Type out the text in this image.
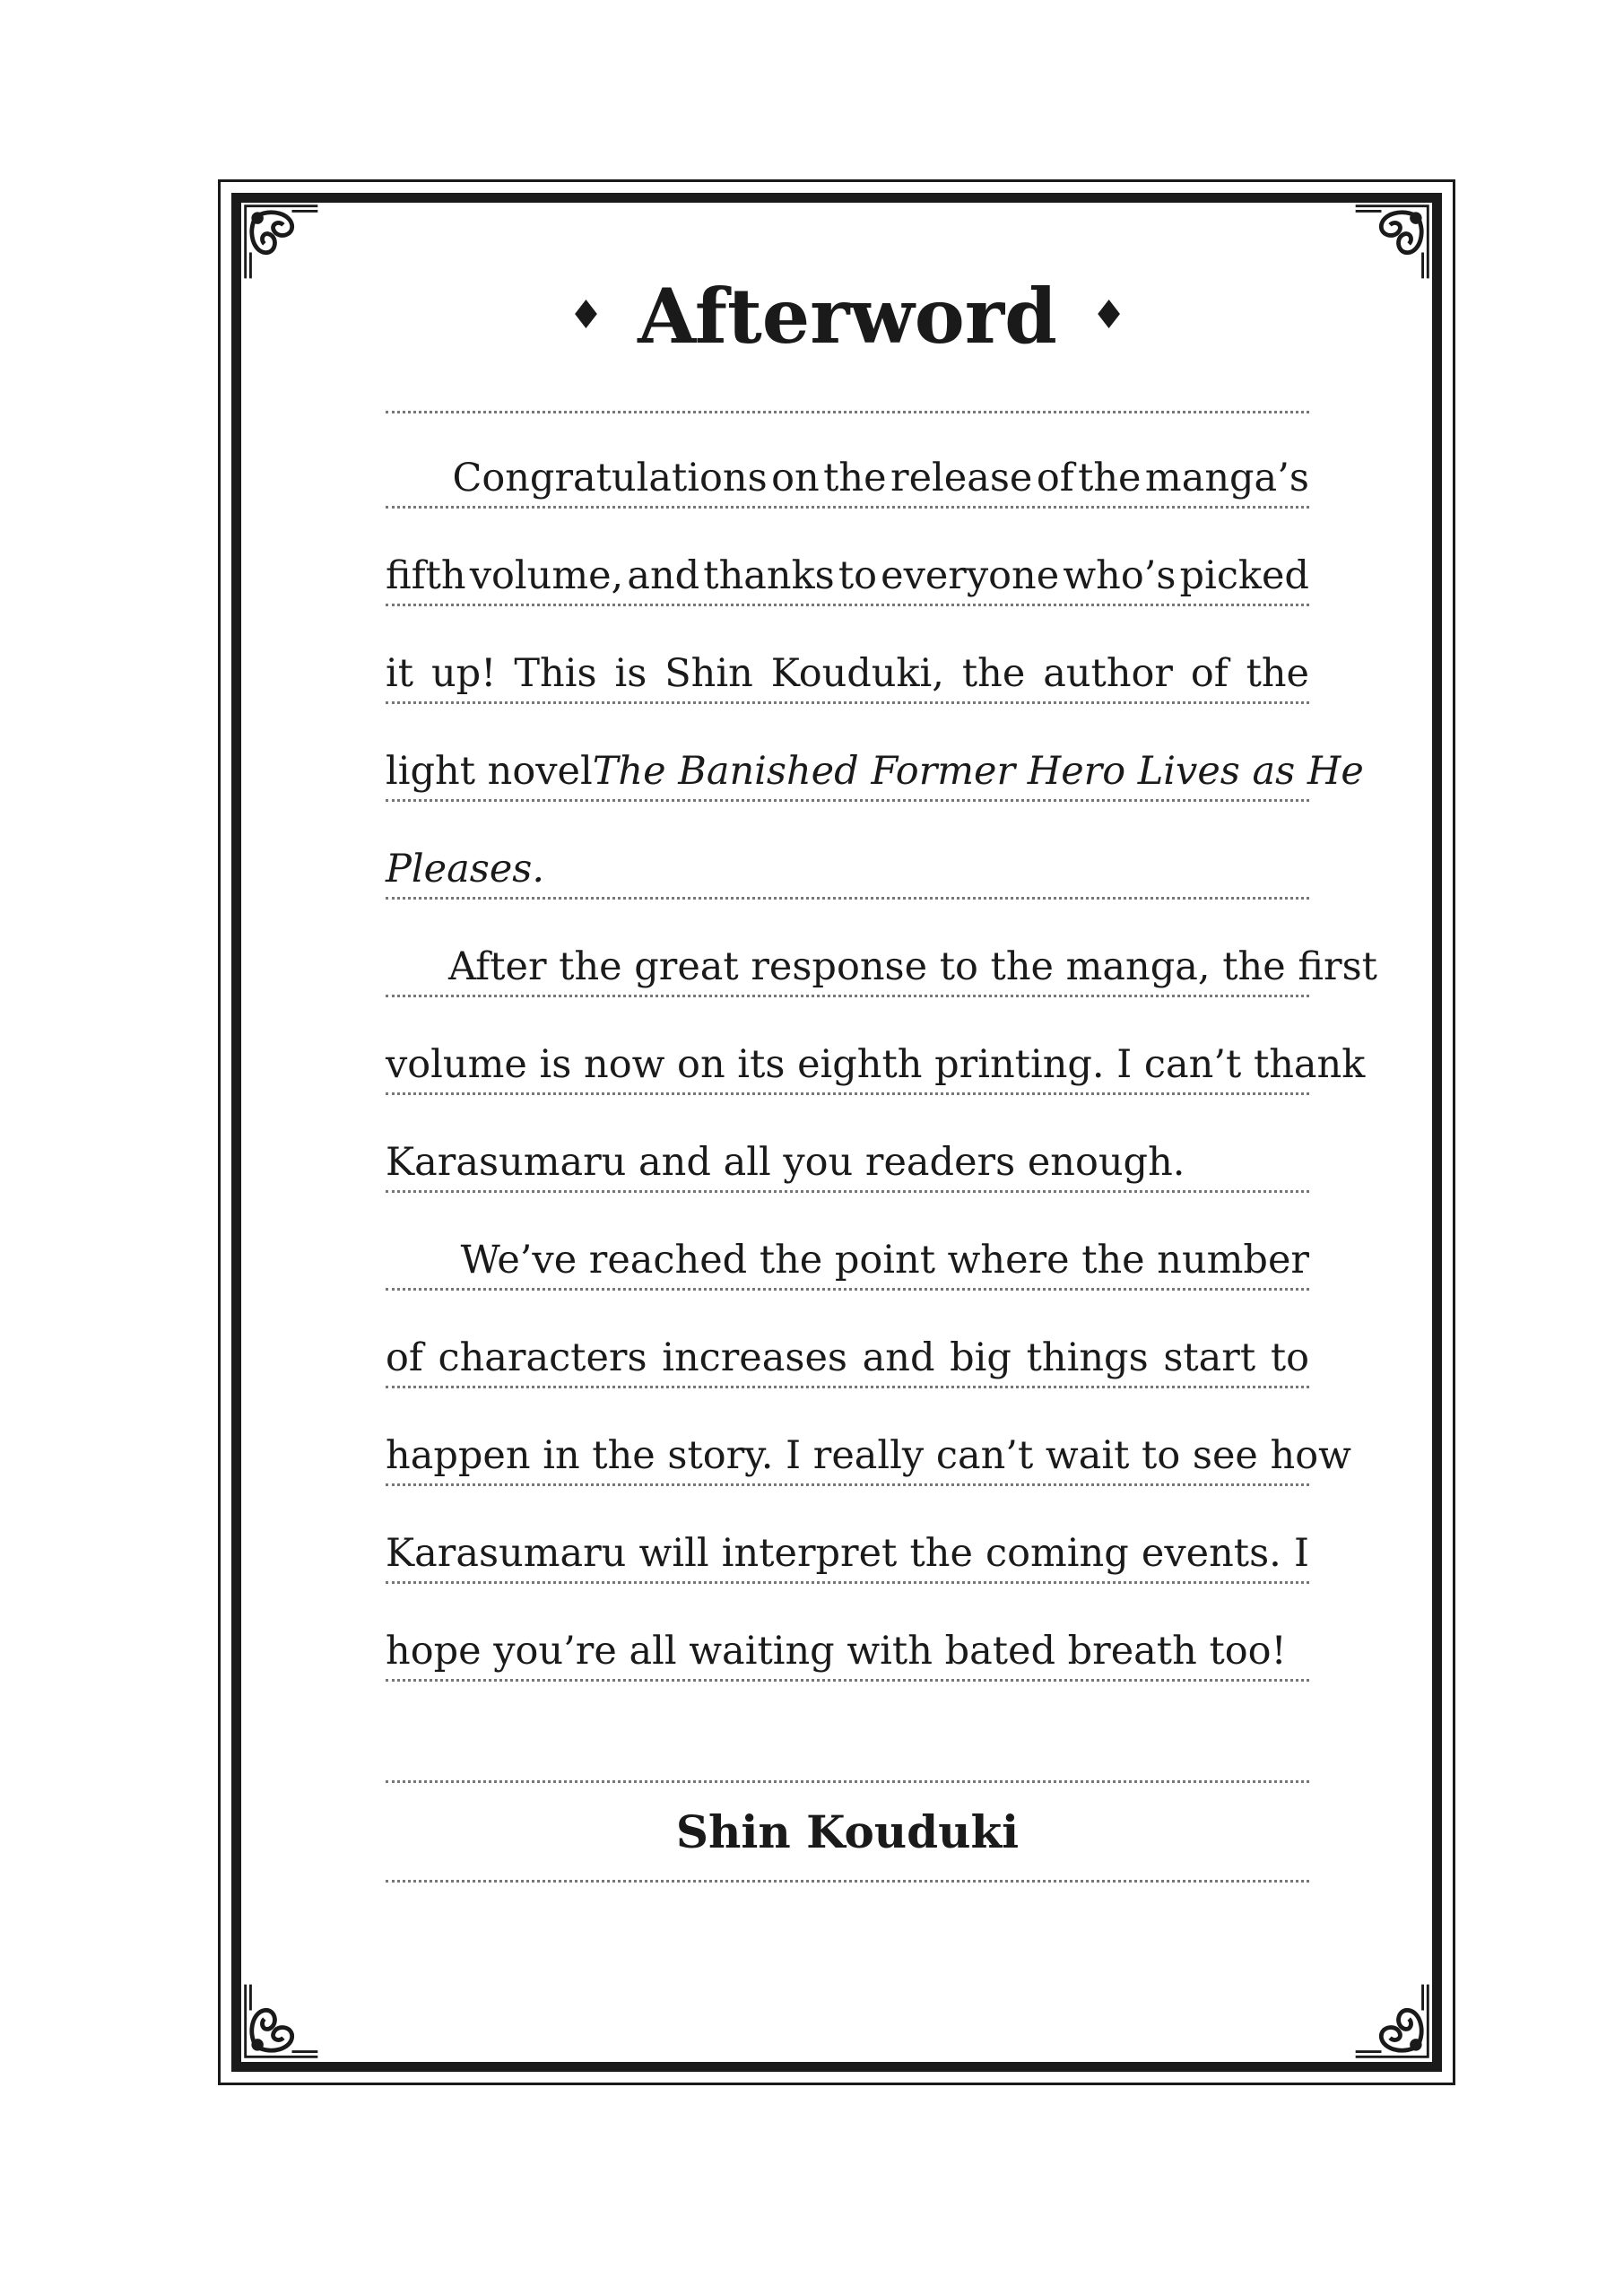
♦ Afterword ♦
Congratulations on the release of the manga’s
fifth volume, and thanks to everyone who’s picked
it up! This is Shin Kouduki, the author of the
light novel The Banished Former Hero Lives as He
Pleases.
After the great response to the manga, the first
volume is now on its eighth printing. I can’t thank
Karasumaru and all you readers enough.
We’ve reached the point where the number
of characters increases and big things start to
happen in the story. I really can’t wait to see how
Karasumaru will interpret the coming events. I
hope you’re all waiting with bated breath too!
Shin Kouduki
